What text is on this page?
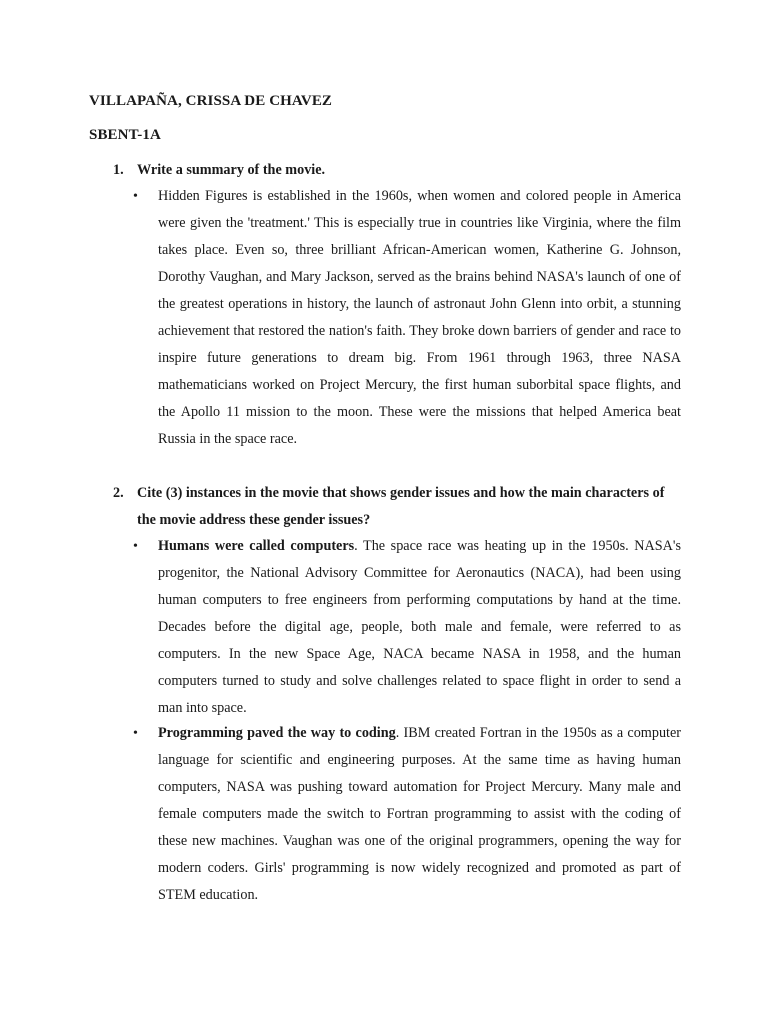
VILLAPAÑA, CRISSA DE CHAVEZ
SBENT-1A
1. Write a summary of the movie.
• Hidden Figures is established in the 1960s, when women and colored people in America were given the 'treatment.' This is especially true in countries like Virginia, where the film takes place. Even so, three brilliant African-American women, Katherine G. Johnson, Dorothy Vaughan, and Mary Jackson, served as the brains behind NASA's launch of one of the greatest operations in history, the launch of astronaut John Glenn into orbit, a stunning achievement that restored the nation's faith. They broke down barriers of gender and race to inspire future generations to dream big. From 1961 through 1963, three NASA mathematicians worked on Project Mercury, the first human suborbital space flights, and the Apollo 11 mission to the moon. These were the missions that helped America beat Russia in the space race.
2. Cite (3) instances in the movie that shows gender issues and how the main characters of the movie address these gender issues?
• Humans were called computers. The space race was heating up in the 1950s. NASA's progenitor, the National Advisory Committee for Aeronautics (NACA), had been using human computers to free engineers from performing computations by hand at the time. Decades before the digital age, people, both male and female, were referred to as computers. In the new Space Age, NACA became NASA in 1958, and the human computers turned to study and solve challenges related to space flight in order to send a man into space.
• Programming paved the way to coding. IBM created Fortran in the 1950s as a computer language for scientific and engineering purposes. At the same time as having human computers, NASA was pushing toward automation for Project Mercury. Many male and female computers made the switch to Fortran programming to assist with the coding of these new machines. Vaughan was one of the original programmers, opening the way for modern coders. Girls' programming is now widely recognized and promoted as part of STEM education.
